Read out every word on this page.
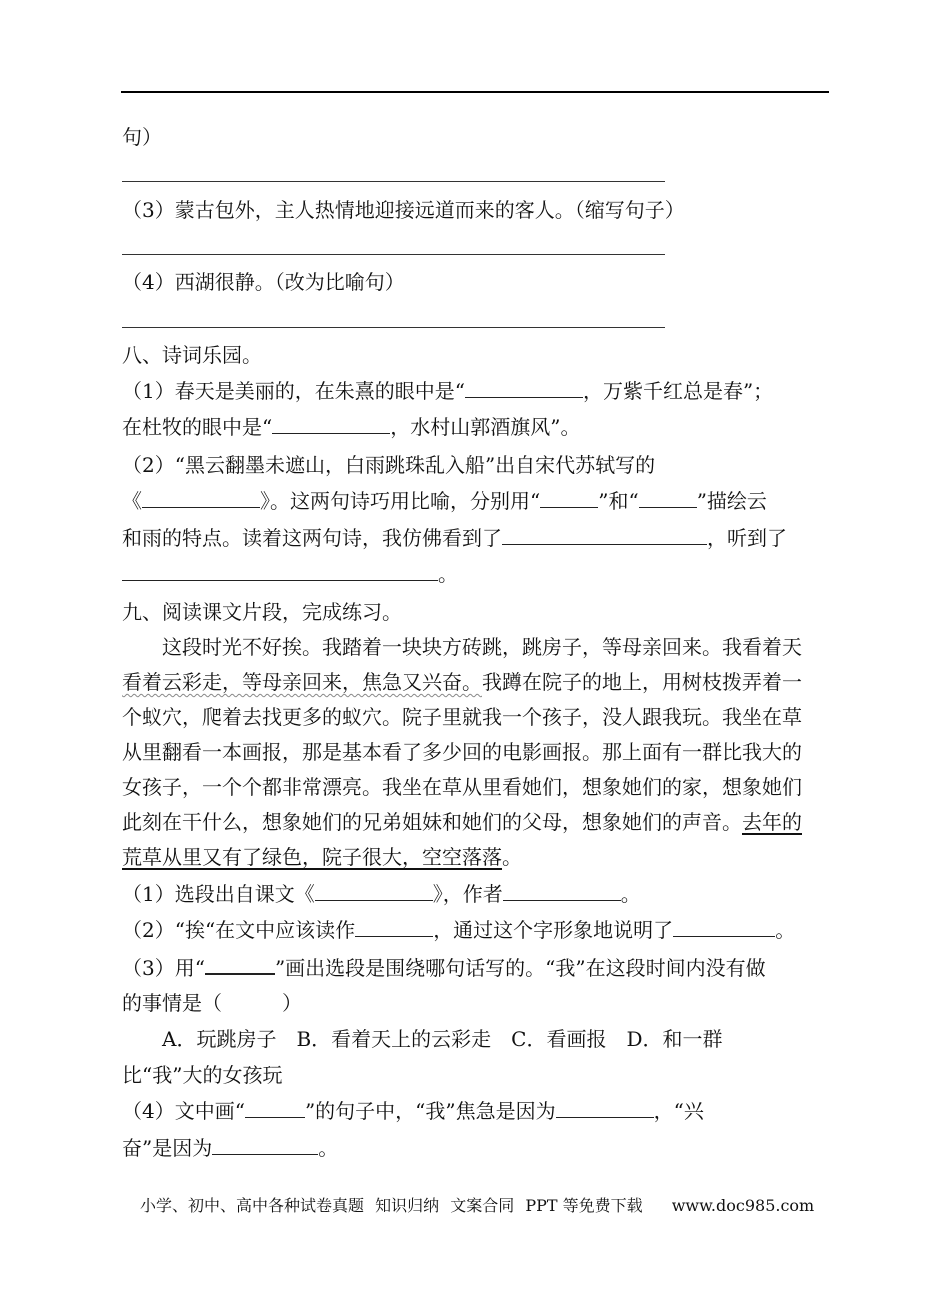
句）
（3）蒙古包外，主人热情地迎接远道而来的客人。（缩写句子）
（4）西湖很静。（改为比喻句）
八、诗词乐园。
（1）春天是美丽的，在朱熹的眼中是“	，万紫千红总是春”；
在杜牧的眼中是“	，水村山郭酒旗风”。
（2）“黑云翻墨未遮山，白雨跳珠乱入船”出自宋代苏轼写的
《	》。这两句诗巧用比喻，分别用“	”和“	”描绘云
和雨的特点。读着这两句诗，我仿佛看到了	，听到了
。
九、阅读课文片段，完成练习。
这段时光不好挨。我踏着一块块方砖跳，跳房子，等母亲回来。我看着天
看着云彩走，等母亲回来，焦急又兴奋。我蹲在院子的地上，用树枝拨弄着一
个蚁穴，爬着去找更多的蚁穴。院子里就我一个孩子，没人跟我玩。我坐在草
从里翻看一本画报，那是基本看了多少回的电影画报。那上面有一群比我大的
女孩子，一个个都非常漂亮。我坐在草从里看她们，想象她们的家，想象她们
此刻在干什么，想象她们的兄弟姐妹和她们的父母，想象她们的声音。去年的
荒草从里又有了绿色，院子很大，空空落落。
（1）选段出自课文《	》，作者	。
（2）“挨“在文中应该读作	，通过这个字形象地说明了	。
（3）用“	”画出选段是围绕哪句话写的。“我”在这段时间内没有做
的事情是（　　　）
A．玩跳房子　B．看着天上的云彩走　C．看画报　D．和一群
比“我”大的女孩玩
（4）文中画“	”的句子中，“我”焦急是因为	，“兴
奋”是因为	。
小学、初中、高中各种试卷真题 知识归纳 文案合同 PPT 等免费下载 www.doc985.com
